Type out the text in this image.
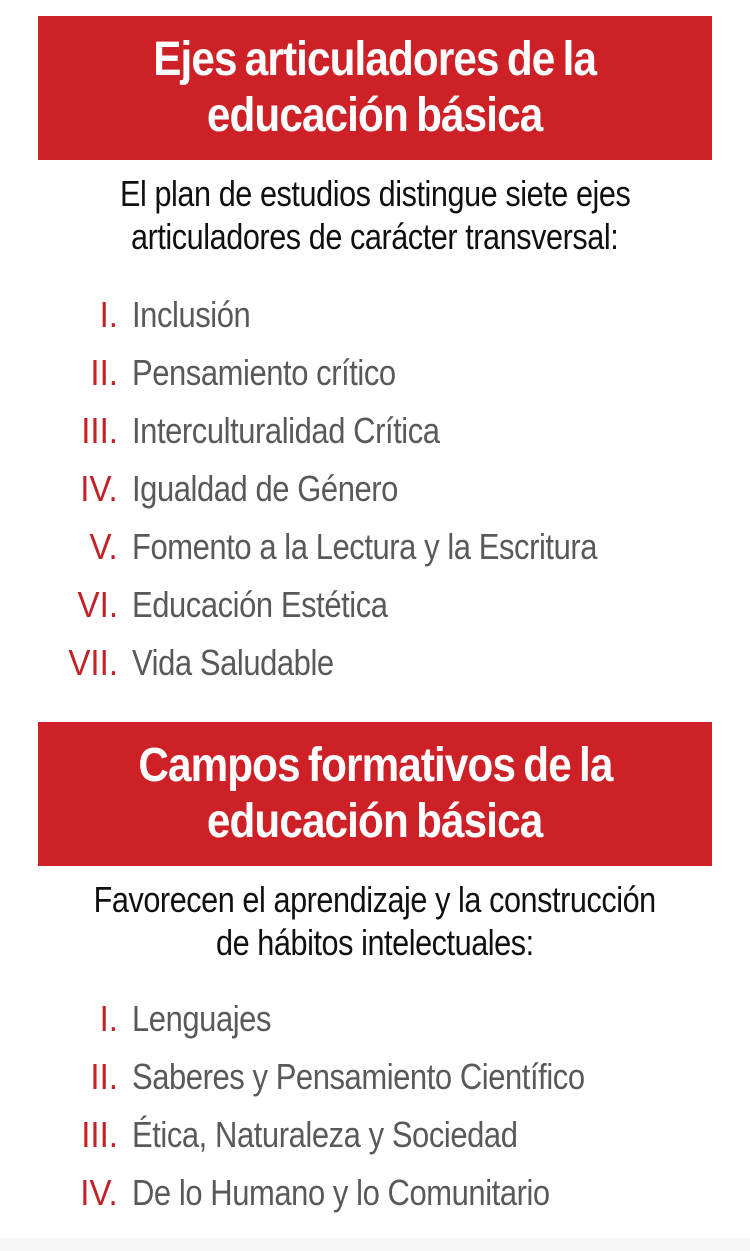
Ejes articuladores de la
educación básica
El plan de estudios distingue siete ejes
articuladores de carácter transversal:
I. Inclusión
II. Pensamiento crítico
III. Interculturalidad Crítica
IV. Igualdad de Género
V. Fomento a la Lectura y la Escritura
VI. Educación Estética
VII. Vida Saludable
Campos formativos de la
educación básica
Favorecen el aprendizaje y la construcción
de hábitos intelectuales:
I. Lenguajes
II. Saberes y Pensamiento Científico
III. Ética, Naturaleza y Sociedad
IV. De lo Humano y lo Comunitario
